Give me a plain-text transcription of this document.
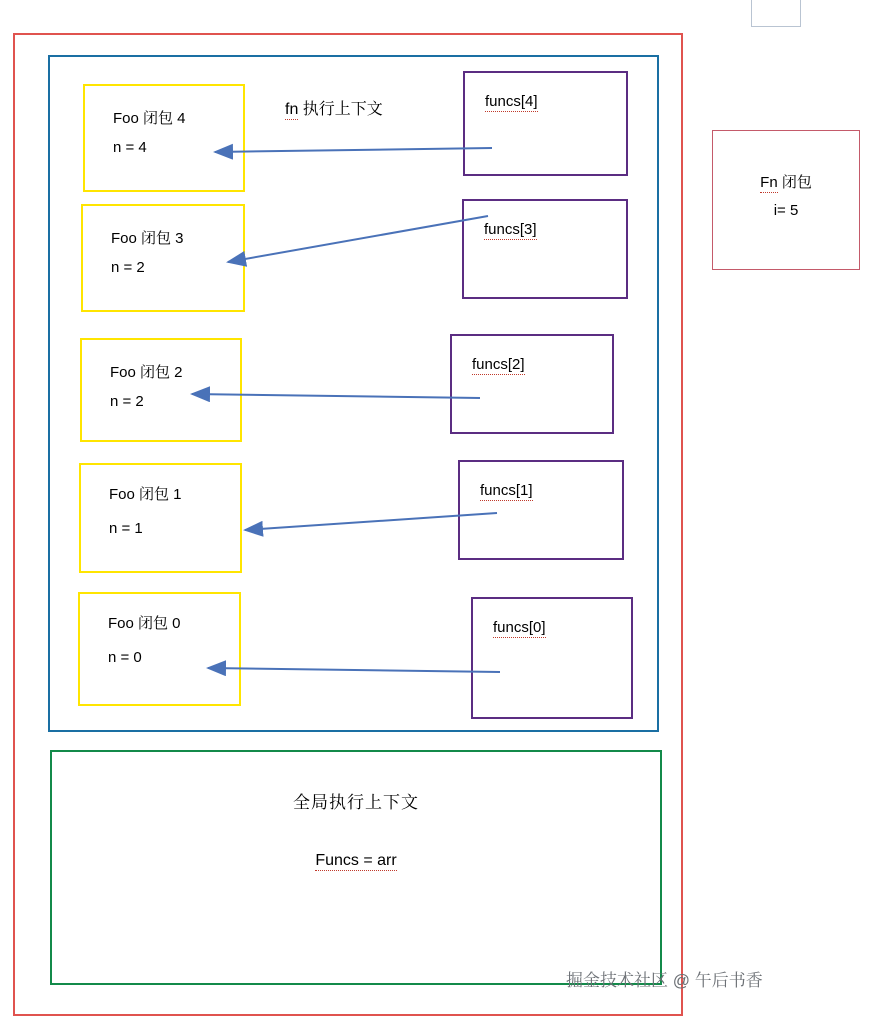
fn 执行上下文
Foo 闭包 4
n = 4
Foo 闭包 3
n = 2
Foo 闭包 2
n = 2
Foo 闭包 1
n = 1
Foo 闭包 0
n = 0
funcs[4]
funcs[3]
funcs[2]
funcs[1]
funcs[0]
全局执行上下文
Funcs = arr
Fn 闭包
i= 5
掘金技术社区 @ 午后书香
